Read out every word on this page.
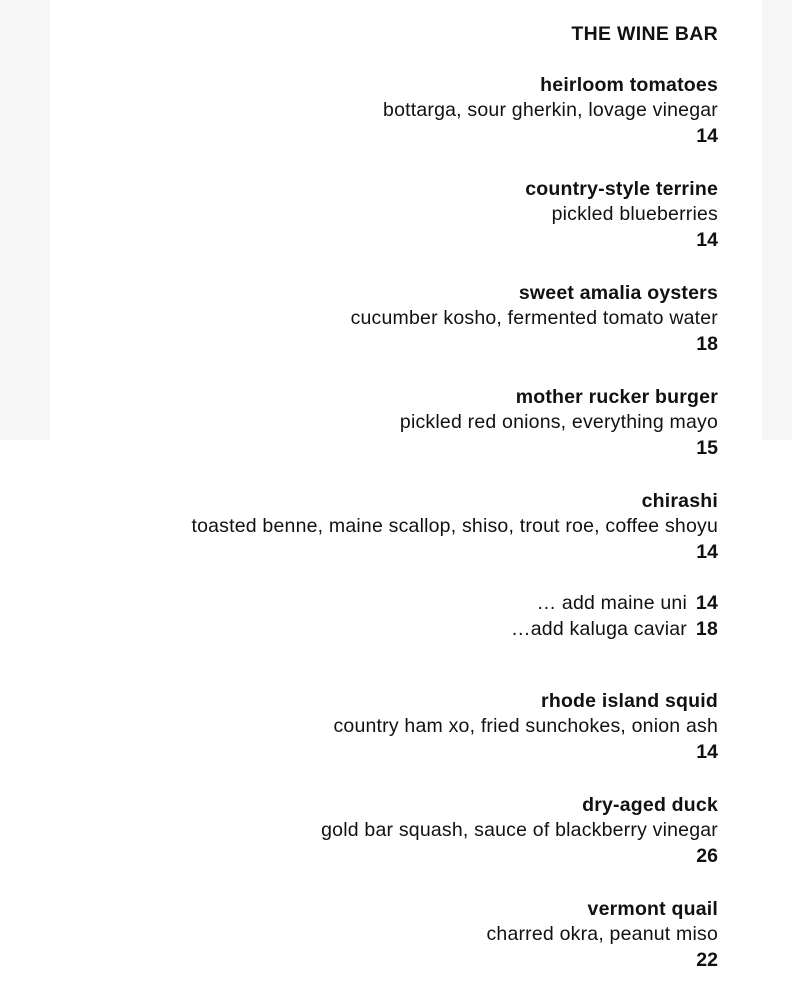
THE WINE BAR
heirloom tomatoes
bottarga, sour gherkin, lovage vinegar
14
country-style terrine
pickled blueberries
14
sweet amalia oysters
cucumber kosho, fermented tomato water
18
mother rucker burger
pickled red onions, everything mayo
15
chirashi
toasted benne, maine scallop, shiso, trout roe, coffee shoyu
14
… add maine uni 14
…add kaluga caviar 18
rhode island squid
country ham xo, fried sunchokes, onion ash
14
dry-aged duck
gold bar squash, sauce of blackberry vinegar
26
vermont quail
charred okra, peanut miso
22
